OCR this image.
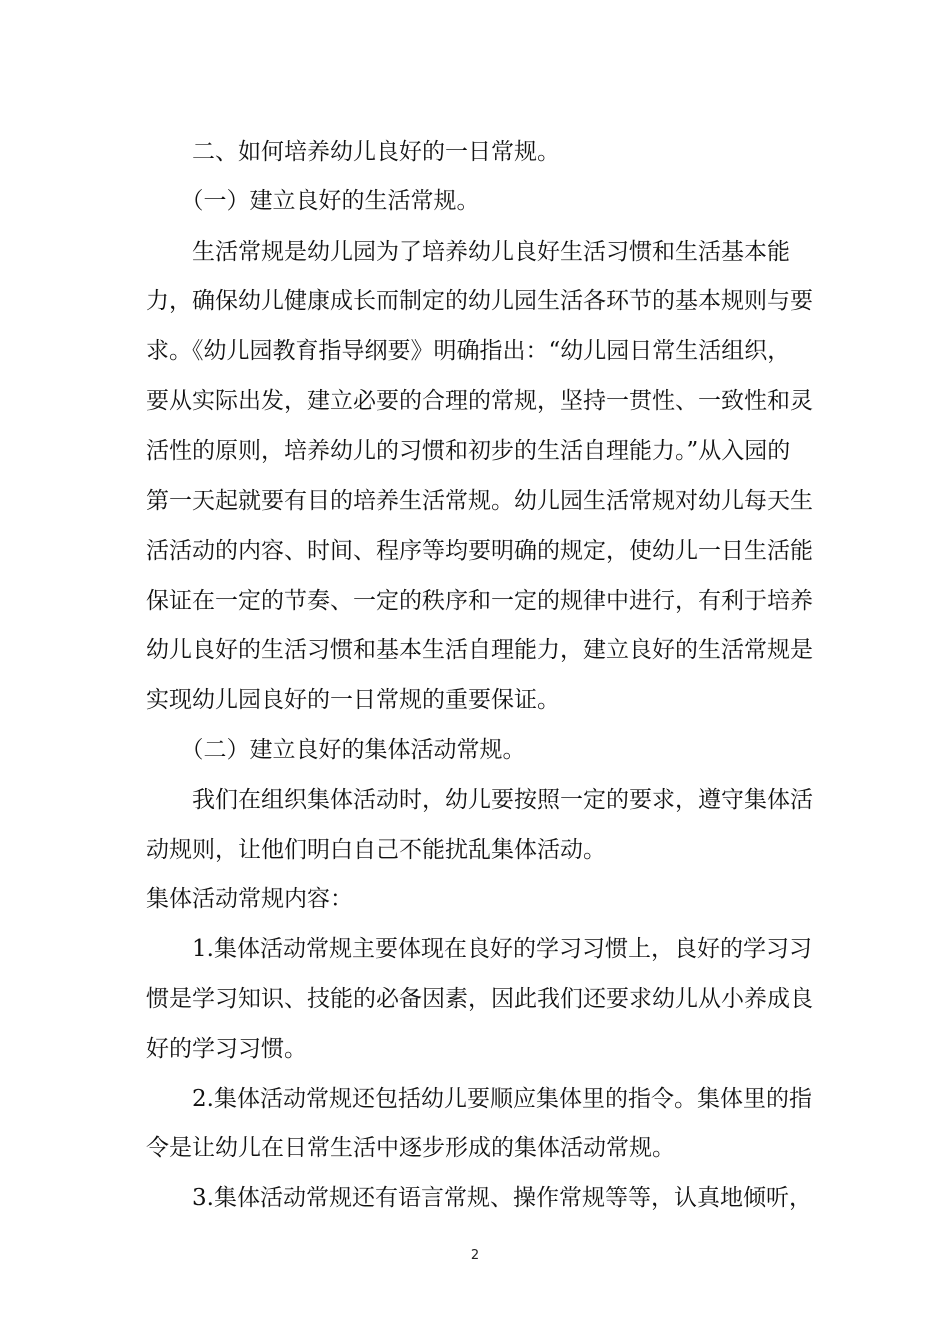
　　二、如何培养幼儿良好的一日常规。
　　（一）建立良好的生活常规。
　　生活常规是幼儿园为了培养幼儿良好生活习惯和生活基本能
力，确保幼儿健康成长而制定的幼儿园生活各环节的基本规则与要
求。《幼儿园教育指导纲要》明确指出：“幼儿园日常生活组织，
要从实际出发，建立必要的合理的常规，坚持一贯性、一致性和灵
活性的原则，培养幼儿的习惯和初步的生活自理能力。”从入园的
第一天起就要有目的培养生活常规。幼儿园生活常规对幼儿每天生
活活动的内容、时间、程序等均要明确的规定，使幼儿一日生活能
保证在一定的节奏、一定的秩序和一定的规律中进行，有利于培养
幼儿良好的生活习惯和基本生活自理能力，建立良好的生活常规是
实现幼儿园良好的一日常规的重要保证。
　　（二）建立良好的集体活动常规。
　　我们在组织集体活动时，幼儿要按照一定的要求，遵守集体活
动规则，让他们明白自己不能扰乱集体活动。
集体活动常规内容：
　　1.集体活动常规主要体现在良好的学习习惯上，良好的学习习
惯是学习知识、技能的必备因素，因此我们还要求幼儿从小养成良
好的学习习惯。
　　2.集体活动常规还包括幼儿要顺应集体里的指令。集体里的指
令是让幼儿在日常生活中逐步形成的集体活动常规。
　　3.集体活动常规还有语言常规、操作常规等等，认真地倾听，
2
